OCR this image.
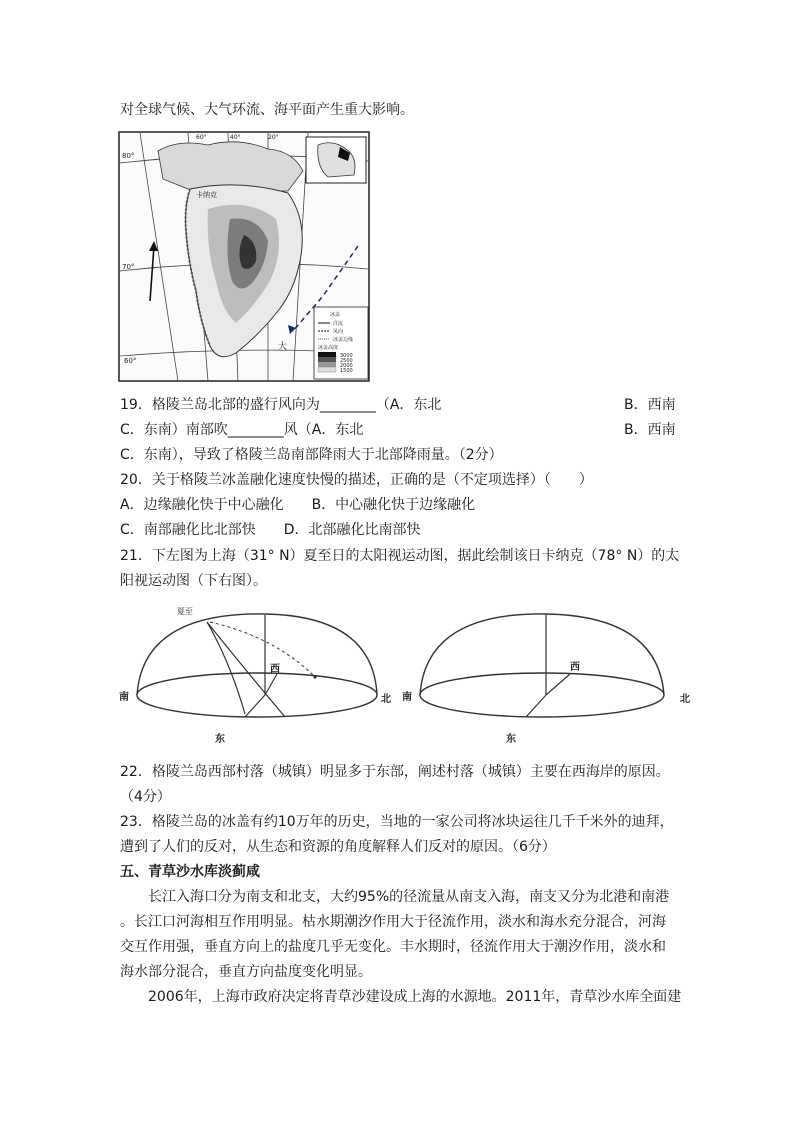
对全球气候、大气环流、海平面产生重大影响。
80°
70°
60°
60°	40°	20°
卡纳克
大
冰盖
洋流
风向
冰盖边缘
冰盖高度
3000
2500
2000
1500
19．格陵兰岛北部的盛行风向为________（A．东北	B．西南
C．东南）南部吹________风（A．东北	B．西南
C．东南），导致了格陵兰岛南部降雨大于北部降雨量。（2分）
20．关于格陵兰冰盖融化速度快慢的描述，正确的是（不定项选择）（　　）
A．边缘融化快于中心融化　　B．中心融化快于边缘融化
C．南部融化比北部快　　D．北部融化比南部快
21．下左图为上海（31° N）夏至日的太阳视运动图，据此绘制该日卡纳克（78° N）的太
阳视运动图（下右图）。
夏至
西
南	北
东
西
南	北
东
22．格陵兰岛西部村落（城镇）明显多于东部，阐述村落（城镇）主要在西海岸的原因。
（4分）
23．格陵兰岛的冰盖有约10万年的历史，当地的一家公司将冰块运往几千千米外的迪拜，
遭到了人们的反对，从生态和资源的角度解释人们反对的原因。（6分）
五、青草沙水库淡蓟咸
长江入海口分为南支和北支，大约95%的径流量从南支入海，南支又分为北港和南港
。长江口河海相互作用明显。枯水期潮汐作用大于径流作用，淡水和海水充分混合，河海
交互作用强，垂直方向上的盐度几乎无变化。丰水期时，径流作用大于潮汐作用，淡水和
海水部分混合，垂直方向盐度变化明显。
2006年，上海市政府决定将青草沙建设成上海的水源地。2011年，青草沙水库全面建
